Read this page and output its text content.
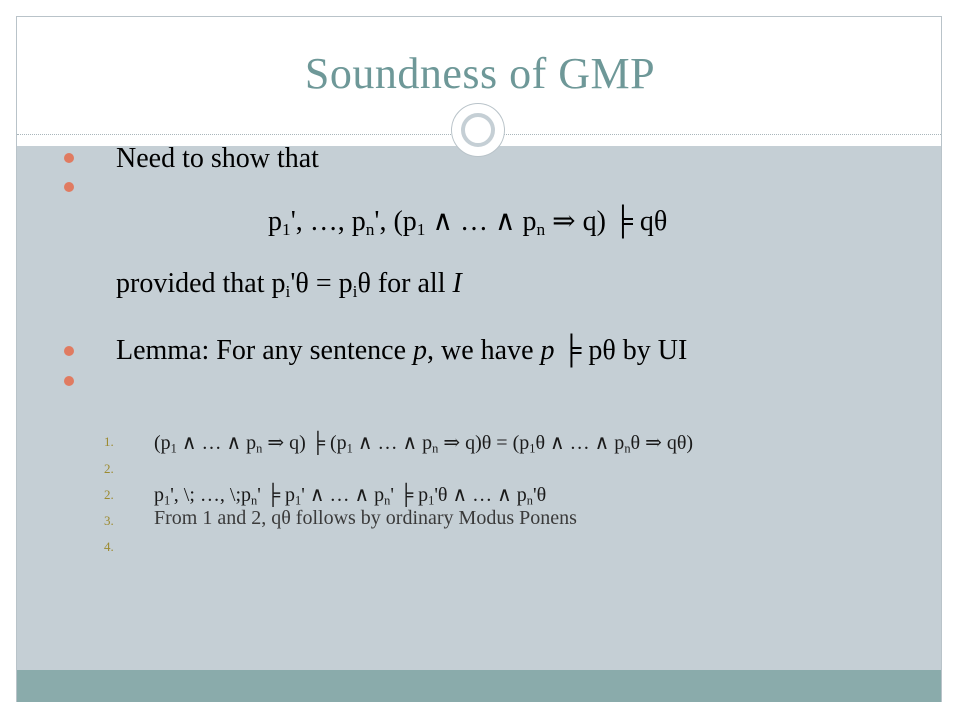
Soundness of GMP
Need to show that
$p_1'$, …, $p_n'$, ($p_1$ ∧ … ∧ $p_n$ ⇒ q) ╞ qθ
provided that $p_i'\theta = p_i\theta$ for all I
Lemma: For any sentence p, we have p ╞ pθ by UI
1. ($p_1$ ∧ … ∧ $p_n$ ⇒ q) ╞ ($p_1$ ∧ … ∧ $p_n$ ⇒ $q)\theta = (p_1\theta$ ∧ … ∧ $p_n\theta$ ⇒ qθ)
2.
2. $p_1'$, \; …, $\backslash;p_n'$ ╞ $p_1'$ ∧ … ∧ $p_n'$ ╞ $p_1'\theta$ ∧ … ∧ $p_n'\theta$
3. From 1 and 2, qθ follows by ordinary Modus Ponens
4.
